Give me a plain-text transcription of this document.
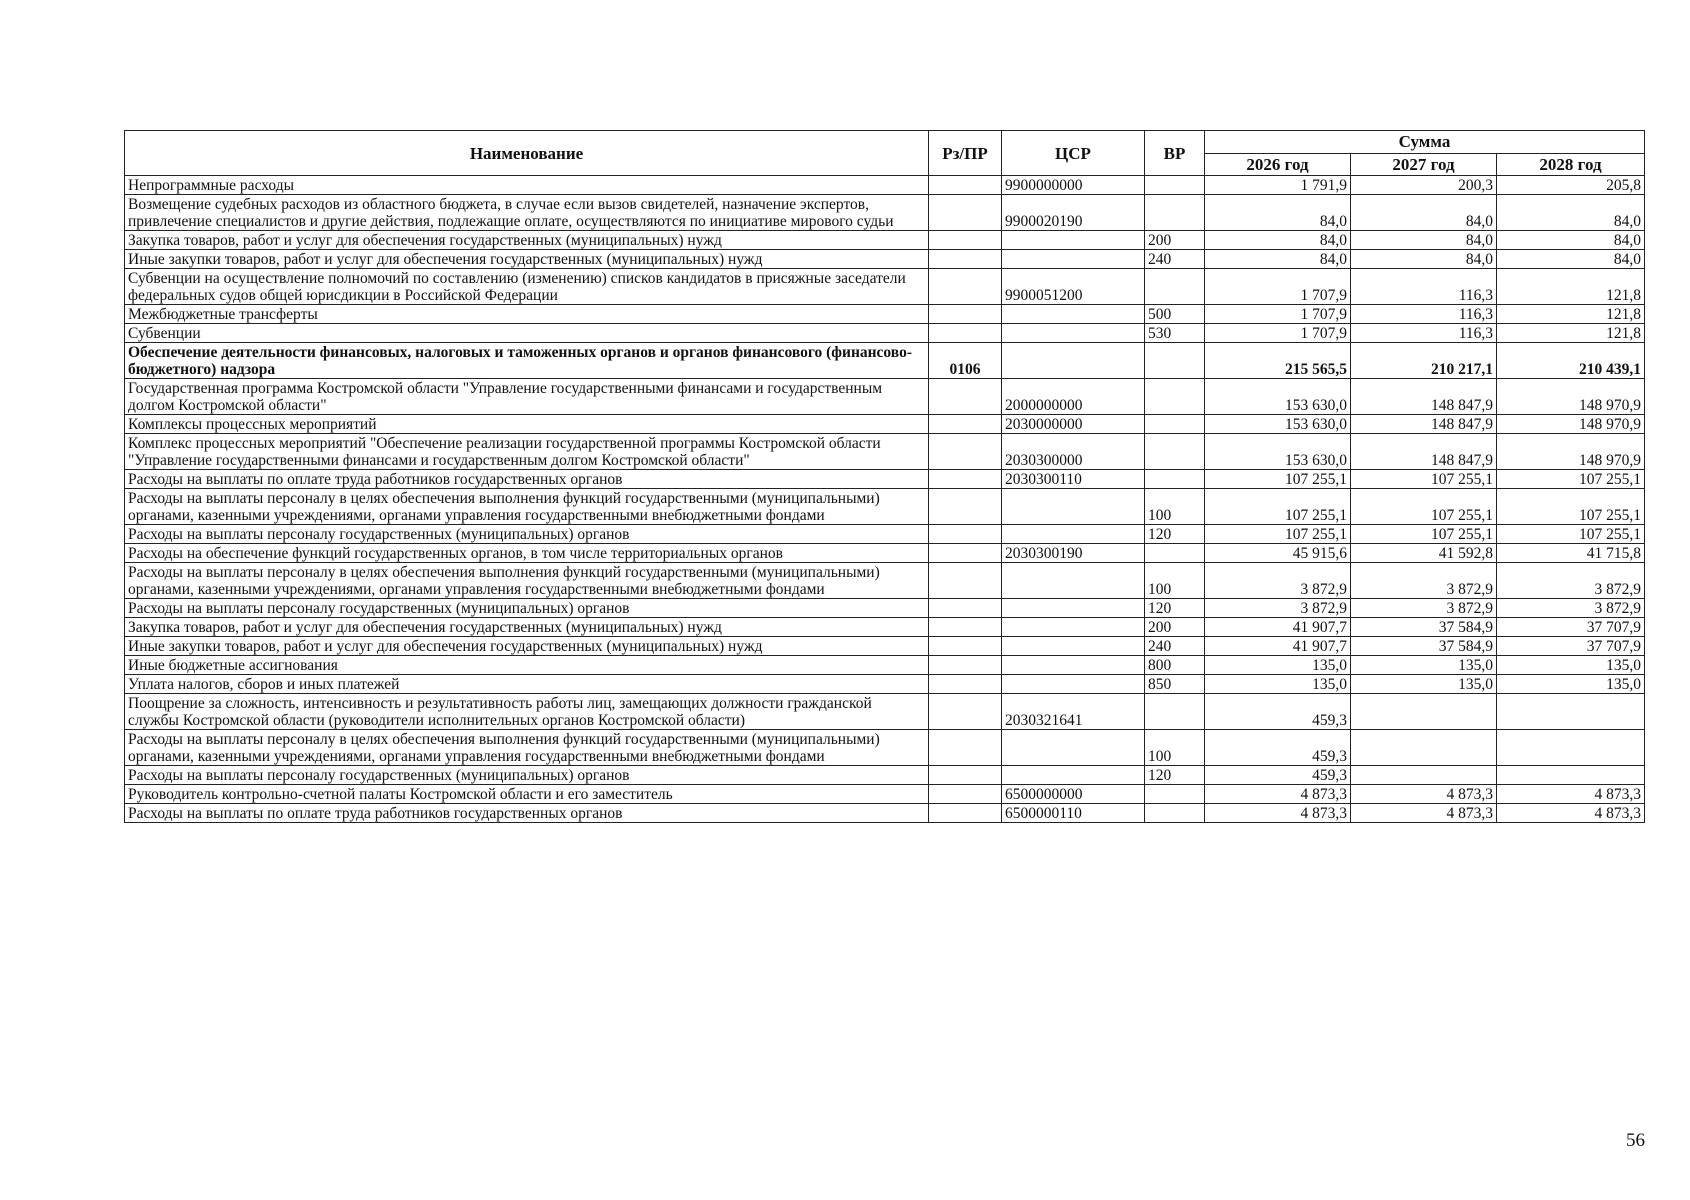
Наименование	Рз/ПР	ЦСР	ВР	Сумма		
				2026 год	2027 год	2028 год
Непрограммные расходы		9900000000		1 791,9	200,3	205,8
Возмещение судебных расходов из областного бюджета, в случае если вызов свидетелей, назначение экспертов, привлечение специалистов и другие действия, подлежащие оплате, осуществляются по инициативе мирового судьи		9900020190		84,0	84,0	84,0
Закупка товаров, работ и услуг для обеспечения государственных (муниципальных) нужд			200	84,0	84,0	84,0
Иные закупки товаров, работ и услуг для обеспечения государственных (муниципальных) нужд			240	84,0	84,0	84,0
Субвенции на осуществление полномочий по составлению (изменению) списков кандидатов в присяжные заседатели федеральных судов общей юрисдикции в Российской Федерации		9900051200		1 707,9	116,3	121,8
Межбюджетные трансферты			500	1 707,9	116,3	121,8
Субвенции			530	1 707,9	116,3	121,8
Обеспечение деятельности финансовых, налоговых и таможенных органов и органов финансового (финансово-бюджетного) надзора	0106			215 565,5	210 217,1	210 439,1
Государственная программа Костромской области "Управление государственными финансами и государственным долгом Костромской области"		2000000000		153 630,0	148 847,9	148 970,9
Комплексы процессных мероприятий		2030000000		153 630,0	148 847,9	148 970,9
Комплекс процессных мероприятий "Обеспечение реализации государственной программы Костромской области "Управление государственными финансами и государственным долгом Костромской области"		2030300000		153 630,0	148 847,9	148 970,9
Расходы на выплаты по оплате труда работников государственных органов		2030300110		107 255,1	107 255,1	107 255,1
Расходы на выплаты персоналу в целях обеспечения выполнения функций государственными (муниципальными) органами, казенными учреждениями, органами управления государственными внебюджетными фондами			100	107 255,1	107 255,1	107 255,1
Расходы на выплаты персоналу государственных (муниципальных) органов			120	107 255,1	107 255,1	107 255,1
Расходы на обеспечение функций государственных органов, в том числе территориальных органов		2030300190		45 915,6	41 592,8	41 715,8
Расходы на выплаты персоналу в целях обеспечения выполнения функций государственными (муниципальными) органами, казенными учреждениями, органами управления государственными внебюджетными фондами			100	3 872,9	3 872,9	3 872,9
Расходы на выплаты персоналу государственных (муниципальных) органов			120	3 872,9	3 872,9	3 872,9
Закупка товаров, работ и услуг для обеспечения государственных (муниципальных) нужд			200	41 907,7	37 584,9	37 707,9
Иные закупки товаров, работ и услуг для обеспечения государственных (муниципальных) нужд			240	41 907,7	37 584,9	37 707,9
Иные бюджетные ассигнования			800	135,0	135,0	135,0
Уплата налогов, сборов и иных платежей			850	135,0	135,0	135,0
Поощрение за сложность, интенсивность и результативность работы лиц, замещающих должности гражданской службы Костромской области (руководители исполнительных органов Костромской области)		2030321641		459,3		
Расходы на выплаты персоналу в целях обеспечения выполнения функций государственными (муниципальными) органами, казенными учреждениями, органами управления государственными внебюджетными фондами			100	459,3		
Расходы на выплаты персоналу государственных (муниципальных) органов			120	459,3		
Руководитель контрольно-счетной палаты Костромской области и его заместитель		6500000000		4 873,3	4 873,3	4 873,3
Расходы на выплаты по оплате труда работников государственных органов		6500000110		4 873,3	4 873,3	4 873,3
56
